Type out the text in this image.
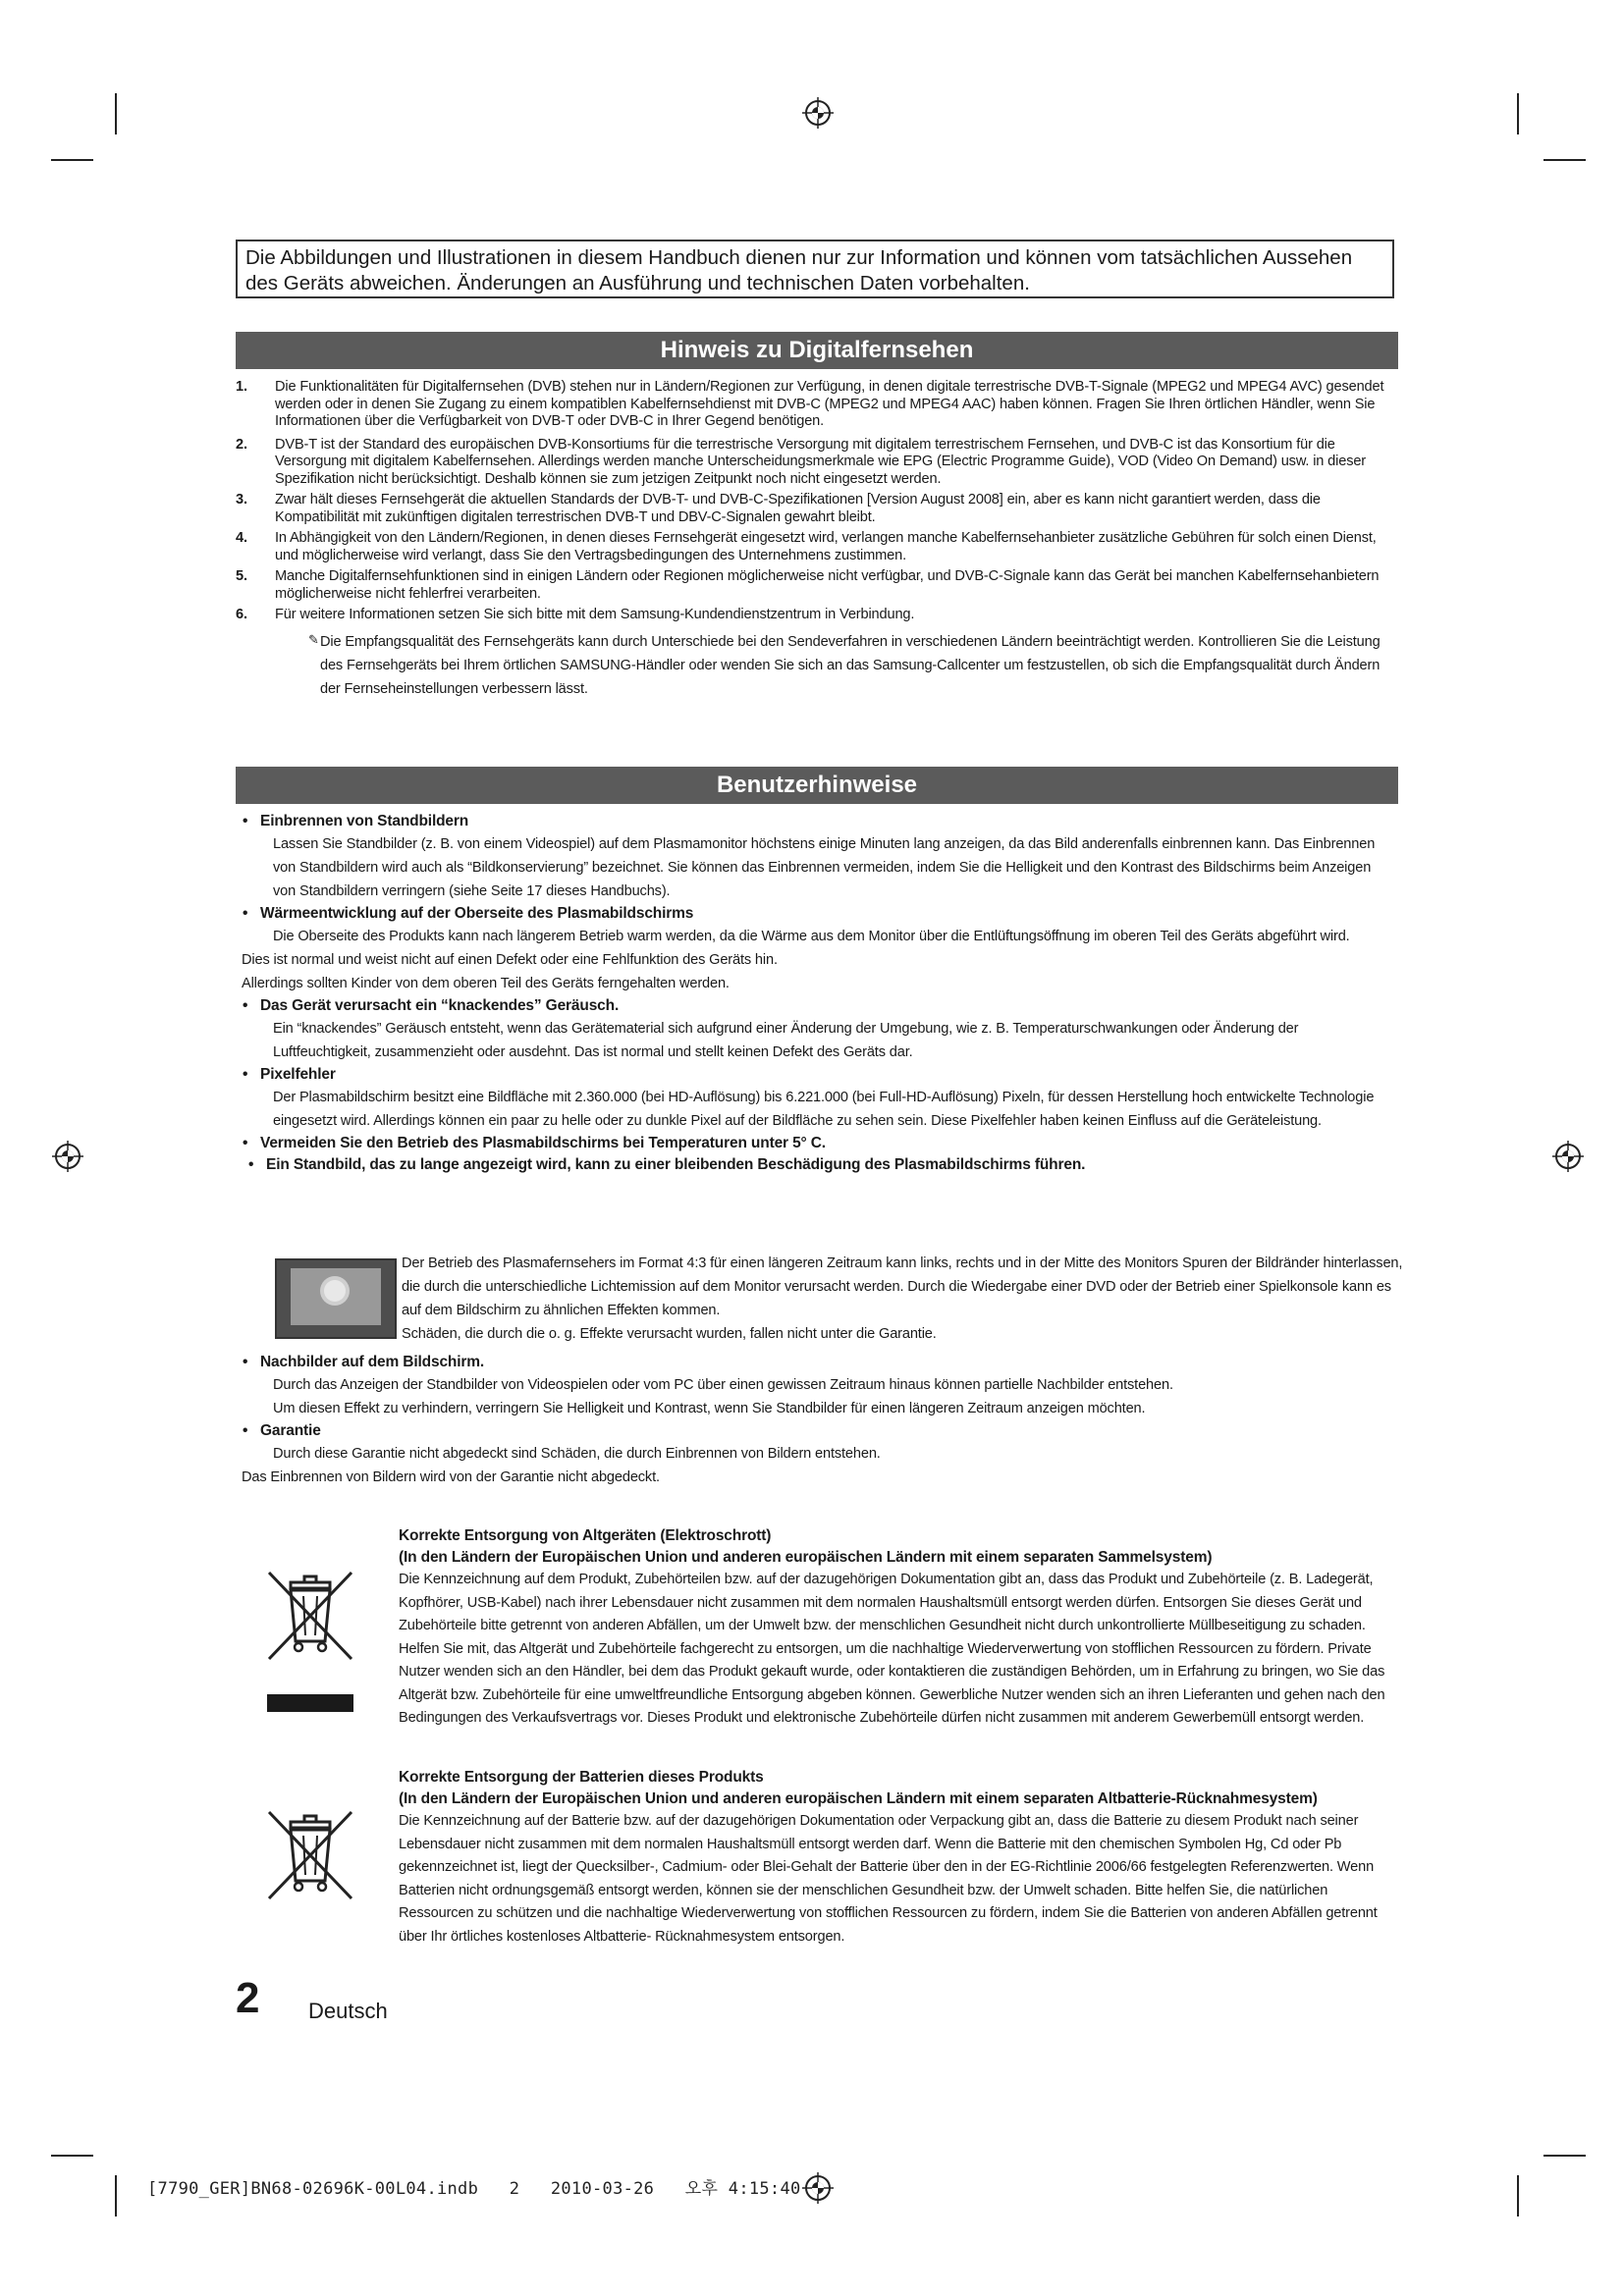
Die Abbildungen und Illustrationen in diesem Handbuch dienen nur zur Information und können vom tatsächlichen Aussehen des Geräts abweichen. Änderungen an Ausführung und technischen Daten vorbehalten.
Hinweis zu Digitalfernsehen
1. Die Funktionalitäten für Digitalfernsehen (DVB) stehen nur in Ländern/Regionen zur Verfügung, in denen digitale terrestrische DVB-T-Signale (MPEG2 und MPEG4 AVC) gesendet werden oder in denen Sie Zugang zu einem kompatiblen Kabelfernsehdienst mit DVB-C (MPEG2 und MPEG4 AAC) haben können. Fragen Sie Ihren örtlichen Händler, wenn Sie Informationen über die Verfügbarkeit von DVB-T oder DVB-C in Ihrer Gegend benötigen.
2. DVB-T ist der Standard des europäischen DVB-Konsortiums für die terrestrische Versorgung mit digitalem terrestrischem Fernsehen, und DVB-C ist das Konsortium für die Versorgung mit digitalem Kabelfernsehen. Allerdings werden manche Unterscheidungsmerkmale wie EPG (Electric Programme Guide), VOD (Video On Demand) usw. in dieser Spezifikation nicht berücksichtigt. Deshalb können sie zum jetzigen Zeitpunkt noch nicht eingesetzt werden.
3. Zwar hält dieses Fernsehgerät die aktuellen Standards der DVB-T- und DVB-C-Spezifikationen [Version August 2008] ein, aber es kann nicht garantiert werden, dass die Kompatibilität mit zukünftigen digitalen terrestrischen DVB-T und DBV-C-Signalen gewahrt bleibt.
4. In Abhängigkeit von den Ländern/Regionen, in denen dieses Fernsehgerät eingesetzt wird, verlangen manche Kabelfernsehanbieter zusätzliche Gebühren für solch einen Dienst, und möglicherweise wird verlangt, dass Sie den Vertragsbedingungen des Unternehmens zustimmen.
5. Manche Digitalfernsehfunktionen sind in einigen Ländern oder Regionen möglicherweise nicht verfügbar, und DVB-C-Signale kann das Gerät bei manchen Kabelfernsehanbietern möglicherweise nicht fehlerfrei verarbeiten.
6. Für weitere Informationen setzen Sie sich bitte mit dem Samsung-Kundendienstzentrum in Verbindung.
✎ Die Empfangsqualität des Fernsehgeräts kann durch Unterschiede bei den Sendeverfahren in verschiedenen Ländern beeinträchtigt werden. Kontrollieren Sie die Leistung des Fernsehgeräts bei Ihrem örtlichen SAMSUNG-Händler oder wenden Sie sich an das Samsung-Callcenter um festzustellen, ob sich die Empfangsqualität durch Ändern der Fernseheinstellungen verbessern lässt.
Benutzerhinweise
• Einbrennen von Standbildern
Lassen Sie Standbilder (z. B. von einem Videospiel) auf dem Plasmamonitor höchstens einige Minuten lang anzeigen, da das Bild anderenfalls einbrennen kann. Das Einbrennen von Standbildern wird auch als “Bildkonservierung” bezeichnet. Sie können das Einbrennen vermeiden, indem Sie die Helligkeit und den Kontrast des Bildschirms beim Anzeigen von Standbildern verringern (siehe Seite 17 dieses Handbuchs).
• Wärmeentwicklung auf der Oberseite des Plasmabildschirms
Die Oberseite des Produkts kann nach längerem Betrieb warm werden, da die Wärme aus dem Monitor über die Entlüftungsöffnung im oberen Teil des Geräts abgeführt wird.
Dies ist normal und weist nicht auf einen Defekt oder eine Fehlfunktion des Geräts hin.
Allerdings sollten Kinder von dem oberen Teil des Geräts ferngehalten werden.
• Das Gerät verursacht ein “knackendes” Geräusch.
Ein “knackendes” Geräusch entsteht, wenn das Gerätematerial sich aufgrund einer Änderung der Umgebung, wie z. B. Temperaturschwankungen oder Änderung der Luftfeuchtigkeit, zusammenzieht oder ausdehnt. Das ist normal und stellt keinen Defekt des Geräts dar.
• Pixelfehler
Der Plasmabildschirm besitzt eine Bildfläche mit 2.360.000 (bei HD-Auflösung) bis 6.221.000 (bei Full-HD-Auflösung) Pixeln, für dessen Herstellung hoch entwickelte Technologie eingesetzt wird. Allerdings können ein paar zu helle oder zu dunkle Pixel auf der Bildfläche zu sehen sein. Diese Pixelfehler haben keinen Einfluss auf die Geräteleistung.
• Vermeiden Sie den Betrieb des Plasmabildschirms bei Temperaturen unter 5° C.
• Ein Standbild, das zu lange angezeigt wird, kann zu einer bleibenden Beschädigung des Plasmabildschirms führen.
Der Betrieb des Plasmafernsehers im Format 4:3 für einen längeren Zeitraum kann links, rechts und in der Mitte des Monitors Spuren der Bildränder hinterlassen, die durch die unterschiedliche Lichtemission auf dem Monitor verursacht werden. Durch die Wiedergabe einer DVD oder der Betrieb einer Spielkonsole kann es auf dem Bildschirm zu ähnlichen Effekten kommen.
Schäden, die durch die o. g. Effekte verursacht wurden, fallen nicht unter die Garantie.
• Nachbilder auf dem Bildschirm.
Durch das Anzeigen der Standbilder von Videospielen oder vom PC über einen gewissen Zeitraum hinaus können partielle Nachbilder entstehen.
Um diesen Effekt zu verhindern, verringern Sie Helligkeit und Kontrast, wenn Sie Standbilder für einen längeren Zeitraum anzeigen möchten.
• Garantie
Durch diese Garantie nicht abgedeckt sind Schäden, die durch Einbrennen von Bildern entstehen.
Das Einbrennen von Bildern wird von der Garantie nicht abgedeckt.
Korrekte Entsorgung von Altgeräten (Elektroschrott)
(In den Ländern der Europäischen Union und anderen europäischen Ländern mit einem separaten Sammelsystem)
Die Kennzeichnung auf dem Produkt, Zubehörteilen bzw. auf der dazugehörigen Dokumentation gibt an, dass das Produkt und Zubehörteile (z. B. Ladegerät, Kopfhörer, USB-Kabel) nach ihrer Lebensdauer nicht zusammen mit dem normalen Haushaltsmüll entsorgt werden dürfen. Entsorgen Sie dieses Gerät und Zubehörteile bitte getrennt von anderen Abfällen, um der Umwelt bzw. der menschlichen Gesundheit nicht durch unkontrollierte Müllbeseitigung zu schaden. Helfen Sie mit, das Altgerät und Zubehörteile fachgerecht zu entsorgen, um die nachhaltige Wiederverwertung von stofflichen Ressourcen zu fördern. Private Nutzer wenden sich an den Händler, bei dem das Produkt gekauft wurde, oder kontaktieren die zuständigen Behörden, um in Erfahrung zu bringen, wo Sie das Altgerät bzw. Zubehörteile für eine umweltfreundliche Entsorgung abgeben können. Gewerbliche Nutzer wenden sich an ihren Lieferanten und gehen nach den Bedingungen des Verkaufsvertrags vor. Dieses Produkt und elektronische Zubehörteile dürfen nicht zusammen mit anderem Gewerbemüll entsorgt werden.
Korrekte Entsorgung der Batterien dieses Produkts
(In den Ländern der Europäischen Union und anderen europäischen Ländern mit einem separaten Altbatterie-Rücknahmesystem)
Die Kennzeichnung auf der Batterie bzw. auf der dazugehörigen Dokumentation oder Verpackung gibt an, dass die Batterie zu diesem Produkt nach seiner Lebensdauer nicht zusammen mit dem normalen Haushaltsmüll entsorgt werden darf. Wenn die Batterie mit den chemischen Symbolen Hg, Cd oder Pb gekennzeichnet ist, liegt der Quecksilber-, Cadmium- oder Blei-Gehalt der Batterie über den in der EG-Richtlinie 2006/66 festgelegten Referenzwerten. Wenn Batterien nicht ordnungsgemäß entsorgt werden, können sie der menschlichen Gesundheit bzw. der Umwelt schaden. Bitte helfen Sie, die natürlichen Ressourcen zu schützen und die nachhaltige Wiederverwertung von stofflichen Ressourcen zu fördern, indem Sie die Batterien von anderen Abfällen getrennt über Ihr örtliches kostenloses Altbatterie- Rücknahmesystem entsorgen.
2 Deutsch
[7790_GER]BN68-02696K-00L04.indb   2   2010-03-26   오후 4:15:40
